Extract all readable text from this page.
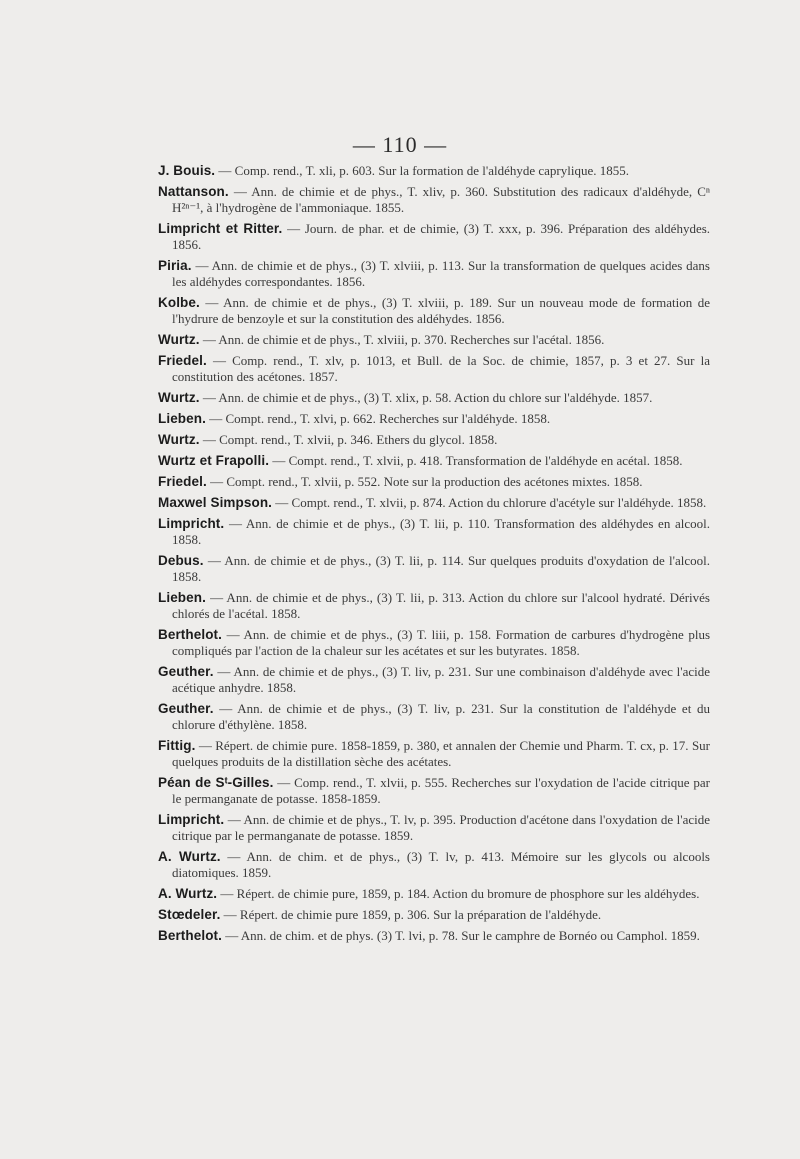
— 110 —
J. Bouis. — Comp. rend., T. xli, p. 603. Sur la formation de l'aldéhyde caprylique. 1855.
Nattanson. — Ann. de chimie et de phys., T. xliv, p. 360. Substitution des radicaux d'aldéhyde, Cⁿ H²ⁿ⁻¹, à l'hydrogène de l'ammoniaque. 1855.
Limpricht et Ritter. — Journ. de phar. et de chimie, (3) T. xxx, p. 396. Préparation des aldéhydes. 1856.
Piria. — Ann. de chimie et de phys., (3) T. xlviii, p. 113. Sur la transformation de quelques acides dans les aldéhydes correspondantes. 1856.
Kolbe. — Ann. de chimie et de phys., (3) T. xlviii, p. 189. Sur un nouveau mode de formation de l'hydrure de benzoyle et sur la constitution des aldéhydes. 1856.
Wurtz. — Ann. de chimie et de phys., T. xlviii, p. 370. Recherches sur l'acétal. 1856.
Friedel. — Comp. rend., T. xlv, p. 1013, et Bull. de la Soc. de chimie, 1857, p. 3 et 27. Sur la constitution des acétones. 1857.
Wurtz. — Ann. de chimie et de phys., (3) T. xlix, p. 58. Action du chlore sur l'aldéhyde. 1857.
Lieben. — Compt. rend., T. xlvi, p. 662. Recherches sur l'aldéhyde. 1858.
Wurtz. — Compt. rend., T. xlvii, p. 346. Ethers du glycol. 1858.
Wurtz et Frapolli. — Compt. rend., T. xlvii, p. 418. Transformation de l'aldéhyde en acétal. 1858.
Friedel. — Compt. rend., T. xlvii, p. 552. Note sur la production des acétones mixtes. 1858.
Maxwel Simpson. — Compt. rend., T. xlvii, p. 874. Action du chlorure d'acétyle sur l'aldéhyde. 1858.
Limpricht. — Ann. de chimie et de phys., (3) T. lii, p. 110. Transformation des aldéhydes en alcool. 1858.
Debus. — Ann. de chimie et de phys., (3) T. lii, p. 114. Sur quelques produits d'oxydation de l'alcool. 1858.
Lieben. — Ann. de chimie et de phys., (3) T. lii, p. 313. Action du chlore sur l'alcool hydraté. Dérivés chlorés de l'acétal. 1858.
Berthelot. — Ann. de chimie et de phys., (3) T. liii, p. 158. Formation de carbures d'hydrogène plus compliqués par l'action de la chaleur sur les acétates et sur les butyrates. 1858.
Geuther. — Ann. de chimie et de phys., (3) T. liv, p. 231. Sur une combinaison d'aldéhyde avec l'acide acétique anhydre. 1858.
Geuther. — Ann. de chimie et de phys., (3) T. liv, p. 231. Sur la constitution de l'aldéhyde et du chlorure d'éthylène. 1858.
Fittig. — Répert. de chimie pure. 1858-1859, p. 380, et annalen der Chemie und Pharm. T. cx, p. 17. Sur quelques produits de la distillation sèche des acétates.
Péan de Sᵗ-Gilles. — Comp. rend., T. xlvii, p. 555. Recherches sur l'oxydation de l'acide citrique par le permanganate de potasse. 1858-1859.
Limpricht. — Ann. de chimie et de phys., T. lv, p. 395. Production d'acétone dans l'oxydation de l'acide citrique par le permanganate de potasse. 1859.
A. Wurtz. — Ann. de chim. et de phys., (3) T. lv, p. 413. Mémoire sur les glycols ou alcools diatomiques. 1859.
A. Wurtz. — Répert. de chimie pure, 1859, p. 184. Action du bromure de phosphore sur les aldéhydes.
Stœdeler. — Répert. de chimie pure 1859, p. 306. Sur la préparation de l'aldéhyde.
Berthelot. — Ann. de chim. et de phys. (3) T. lvi, p. 78. Sur le camphre de Bornéo ou Camphol. 1859.
